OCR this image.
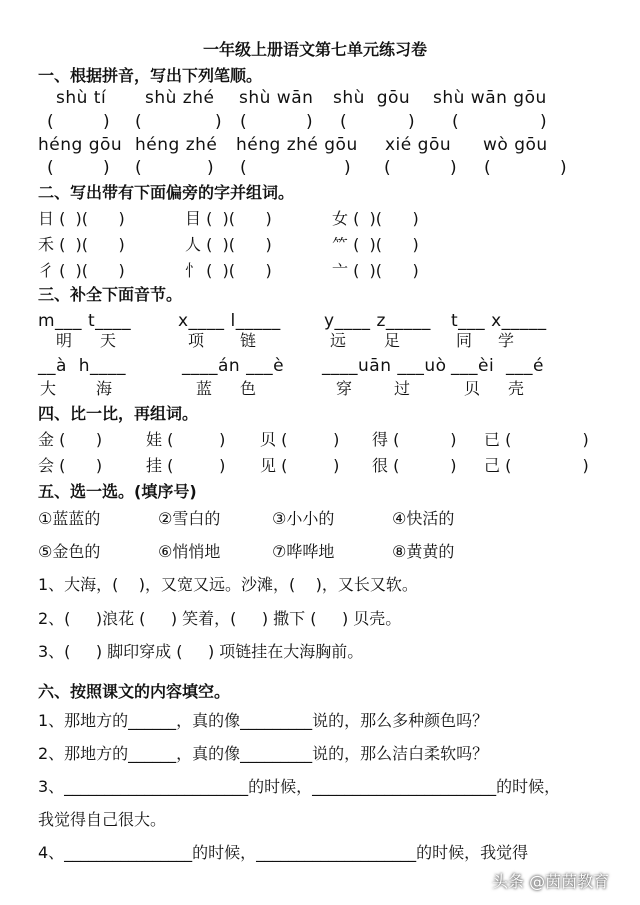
一年级上册语文第七单元练习卷
一、根据拼音，写出下列笔顺。
shù tí shù zhé shù wān shù  gōu shù wān gōu
(	) (	) (	) (	) (	)
héng gōu héng zhé héng zhé gōu xié gōu wò gōu
(	) (	) (	) (	) (	)
二、写出带有下面偏旁的字并组词。
日 (  )(      )	目 (  )(      )	女 (  )(      )
禾 (  )(      )	人 (  )(      )	⺮ (  )(      )
彳 (  )(      )	忄 (  )(      )	亠 (  )(      )
三、补全下面音节。
m___ t____	x____ l_____	y____ z_____ t___ x_____
明 天	项 链	远 足	同 学
__à  h____	____án ___è ____uān ___uò ___èi  ___é
大 海	蓝 色	穿	过	贝 壳
四、比一比，再组词。
金 (      )	娃 (         ) 贝 (         ) 得 (          ) 已 (              )
会 (      )	挂 (         ) 见 (         ) 很 (          ) 己 (              )
五、选一选。(填序号)
①蓝蓝的	②雪白的	③小小的	④快活的
⑤金色的	⑥悄悄地	⑦哗哗地	⑧黄黄的
1、大海，(    )，又宽又远。沙滩，(    )，又长又软。
2、(     )浪花 (     ) 笑着，(     ) 撒下 (     ) 贝壳。
3、(     ) 脚印穿成 (     ) 项链挂在大海胸前。
六、按照课文的内容填空。
1、那地方的______，真的像_________说的，那么多种颜色吗？
2、那地方的______，真的像_________说的，那么洁白柔软吗？
3、_______________________的时候，_______________________的时候，
我觉得自己很大。
4、________________的时候，____________________的时候，我觉得
头条 @茵茵教育
